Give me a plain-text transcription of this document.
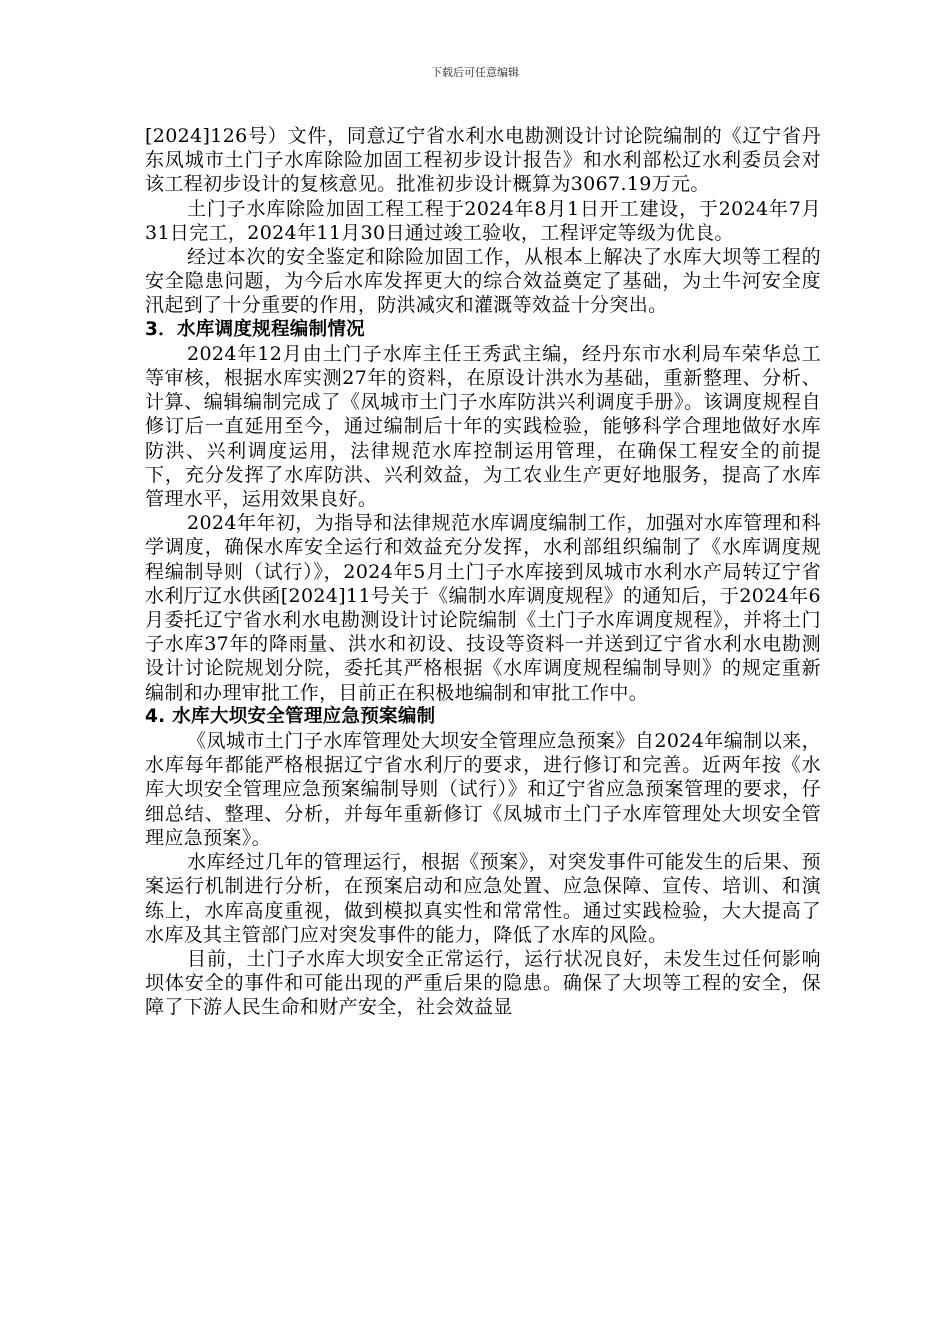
下载后可任意编辑

[2024]126号）文件，同意辽宁省水利水电勘测设计讨论院编制的《辽宁省丹东凤城市土门子水库除险加固工程初步设计报告》和水利部松辽水利委员会对该工程初步设计的复核意见。批准初步设计概算为3067.19万元。

土门子水库除险加固工程工程于2024年8月1日开工建设，于2024年7月31日完工，2024年11月30日通过竣工验收，工程评定等级为优良。

经过本次的安全鉴定和除险加固工作，从根本上解决了水库大坝等工程的安全隐患问题，为今后水库发挥更大的综合效益奠定了基础，为土牛河安全度汛起到了十分重要的作用，防洪减灾和灌溉等效益十分突出。

3．水库调度规程编制情况

2024年12月由土门子水库主任王秀武主编，经丹东市水利局车荣华总工等审核，根据水库实测27年的资料，在原设计洪水为基础，重新整理、分析、计算、编辑编制完成了《凤城市土门子水库防洪兴利调度手册》。该调度规程自修订后一直延用至今，通过编制后十年的实践检验，能够科学合理地做好水库防洪、兴利调度运用，法律规范水库控制运用管理，在确保工程安全的前提下，充分发挥了水库防洪、兴利效益，为工农业生产更好地服务，提高了水库管理水平，运用效果良好。

2024年年初，为指导和法律规范水库调度编制工作，加强对水库管理和科学调度，确保水库安全运行和效益充分发挥，水利部组织编制了《水库调度规程编制导则（试行）》，2024年5月土门子水库接到凤城市水利水产局转辽宁省水利厅辽水供函[2024]11号关于《编制水库调度规程》的通知后，于2024年6月委托辽宁省水利水电勘测设计讨论院编制《土门子水库调度规程》，并将土门子水库37年的降雨量、洪水和初设、技设等资料一并送到辽宁省水利水电勘测设计讨论院规划分院，委托其严格根据《水库调度规程编制导则》的规定重新编制和办理审批工作，目前正在积极地编制和审批工作中。

4. 水库大坝安全管理应急预案编制

《凤城市土门子水库管理处大坝安全管理应急预案》自2024年编制以来，水库每年都能严格根据辽宁省水利厅的要求，进行修订和完善。近两年按《水库大坝安全管理应急预案编制导则（试行）》和辽宁省应急预案管理的要求，仔细总结、整理、分析，并每年重新修订《凤城市土门子水库管理处大坝安全管理应急预案》。

水库经过几年的管理运行，根据《预案》，对突发事件可能发生的后果、预案运行机制进行分析，在预案启动和应急处置、应急保障、宣传、培训、和演练上，水库高度重视，做到模拟真实性和常常性。通过实践检验，大大提高了水库及其主管部门应对突发事件的能力，降低了水库的风险。

目前，土门子水库大坝安全正常运行，运行状况良好，未发生过任何影响坝体安全的事件和可能出现的严重后果的隐患。确保了大坝等工程的安全，保障了下游人民生命和财产安全，社会效益显
